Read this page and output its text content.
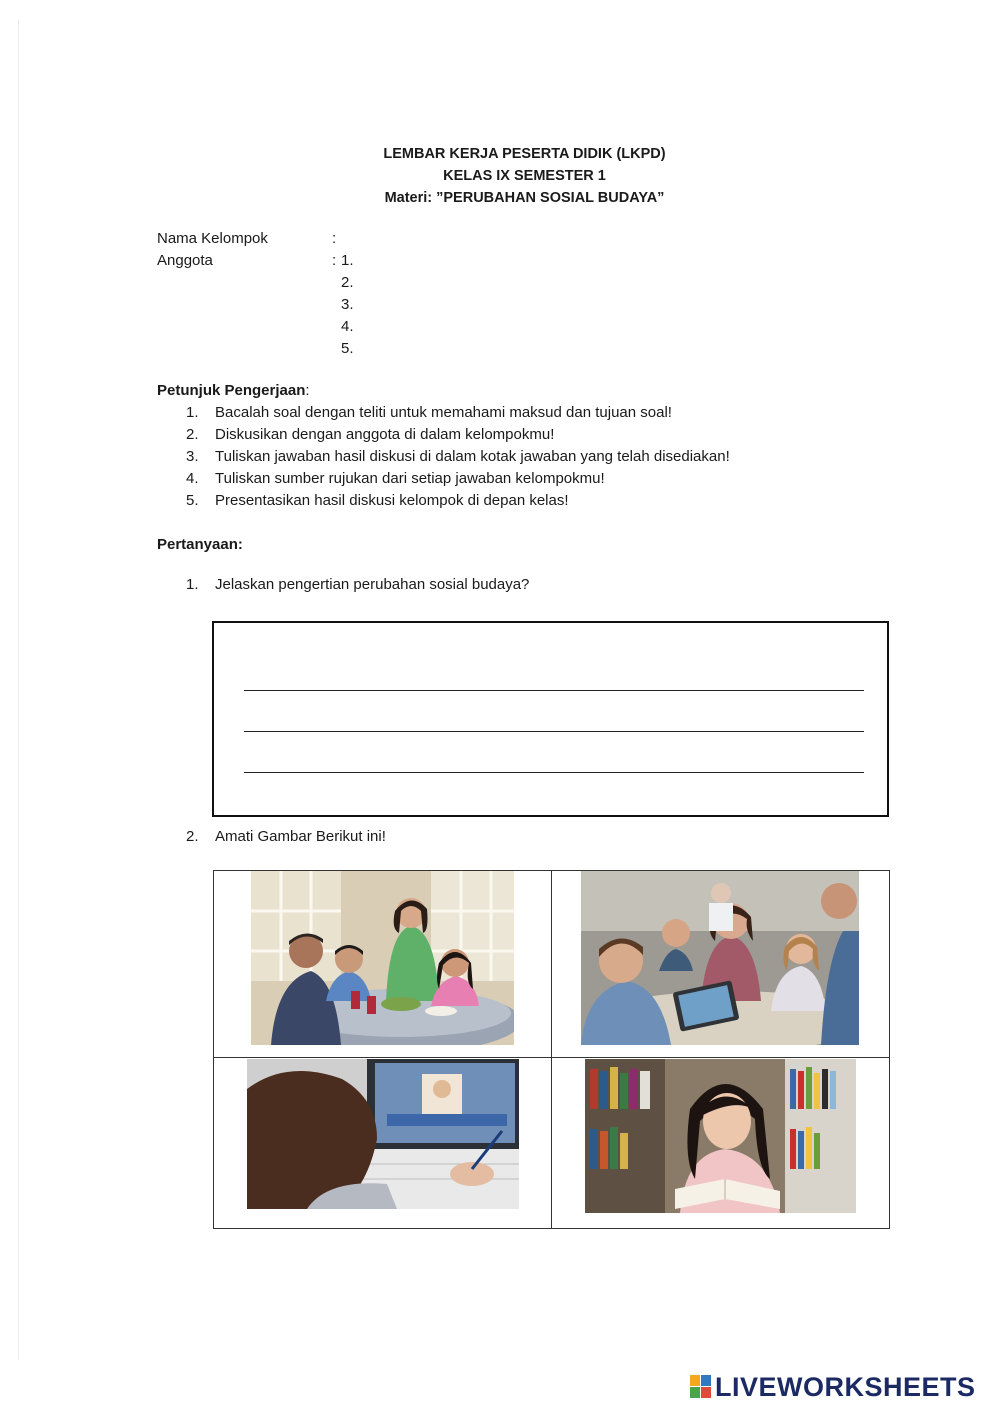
LEMBAR KERJA PESERTA DIDIK (LKPD)
KELAS IX SEMESTER 1
Materi: ”PERUBAHAN SOSIAL BUDAYA”
Nama Kelompok	:
Anggota	: 1.
2.
3.
4.
5.
Petunjuk Pengerjaan:
1. Bacalah soal dengan teliti untuk memahami maksud dan tujuan soal!
2. Diskusikan dengan anggota di dalam kelompokmu!
3. Tuliskan jawaban hasil diskusi di dalam kotak jawaban yang telah disediakan!
4. Tuliskan sumber rujukan dari setiap jawaban kelompokmu!
5. Presentasikan hasil diskusi kelompok di depan kelas!
Pertanyaan:
1. Jelaskan pengertian perubahan sosial budaya?
2. Amati Gambar Berikut ini!
LIVEWORKSHEETS
